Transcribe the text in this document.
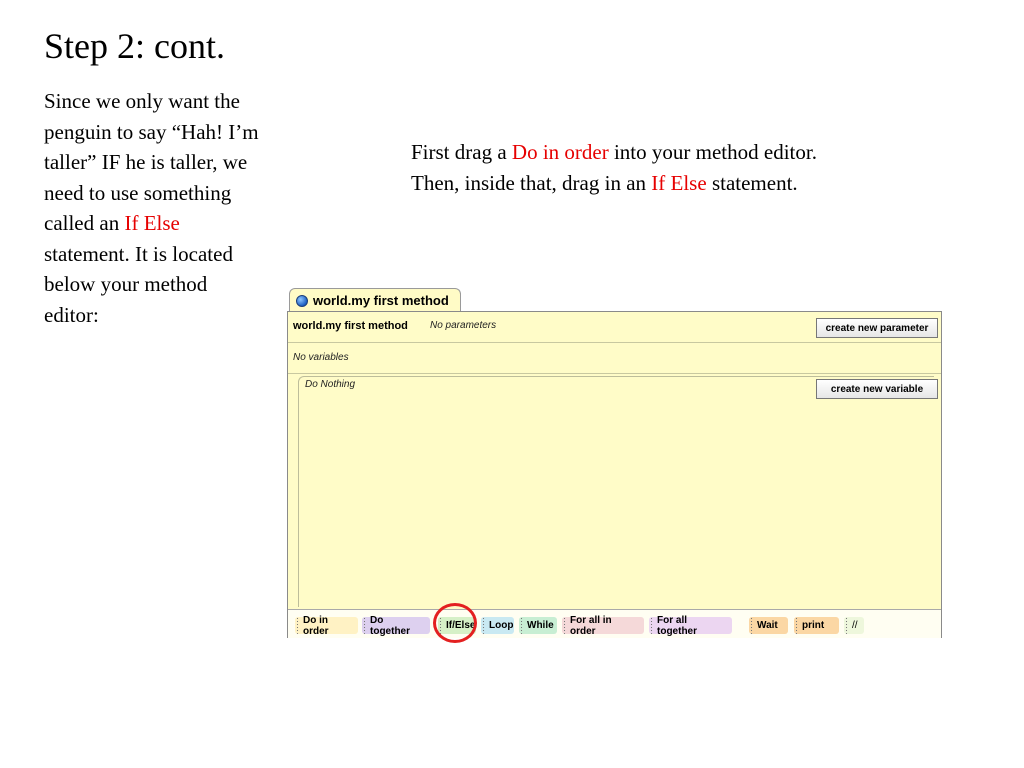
Step 2: cont.
Since we only want the penguin to say “Hah! I’m taller” IF he is taller, we need to use something called an If Else statement. It is located below your method editor:
First drag a Do in order into your method editor. Then, inside that, drag in an If Else statement.
world.my first method
world.my first method No parameters	create new parameter
No variables
create new variable
Do Nothing
Do in order
Do together	If/Else	Loop	While	For all in order
For all together	Wait	print	//
